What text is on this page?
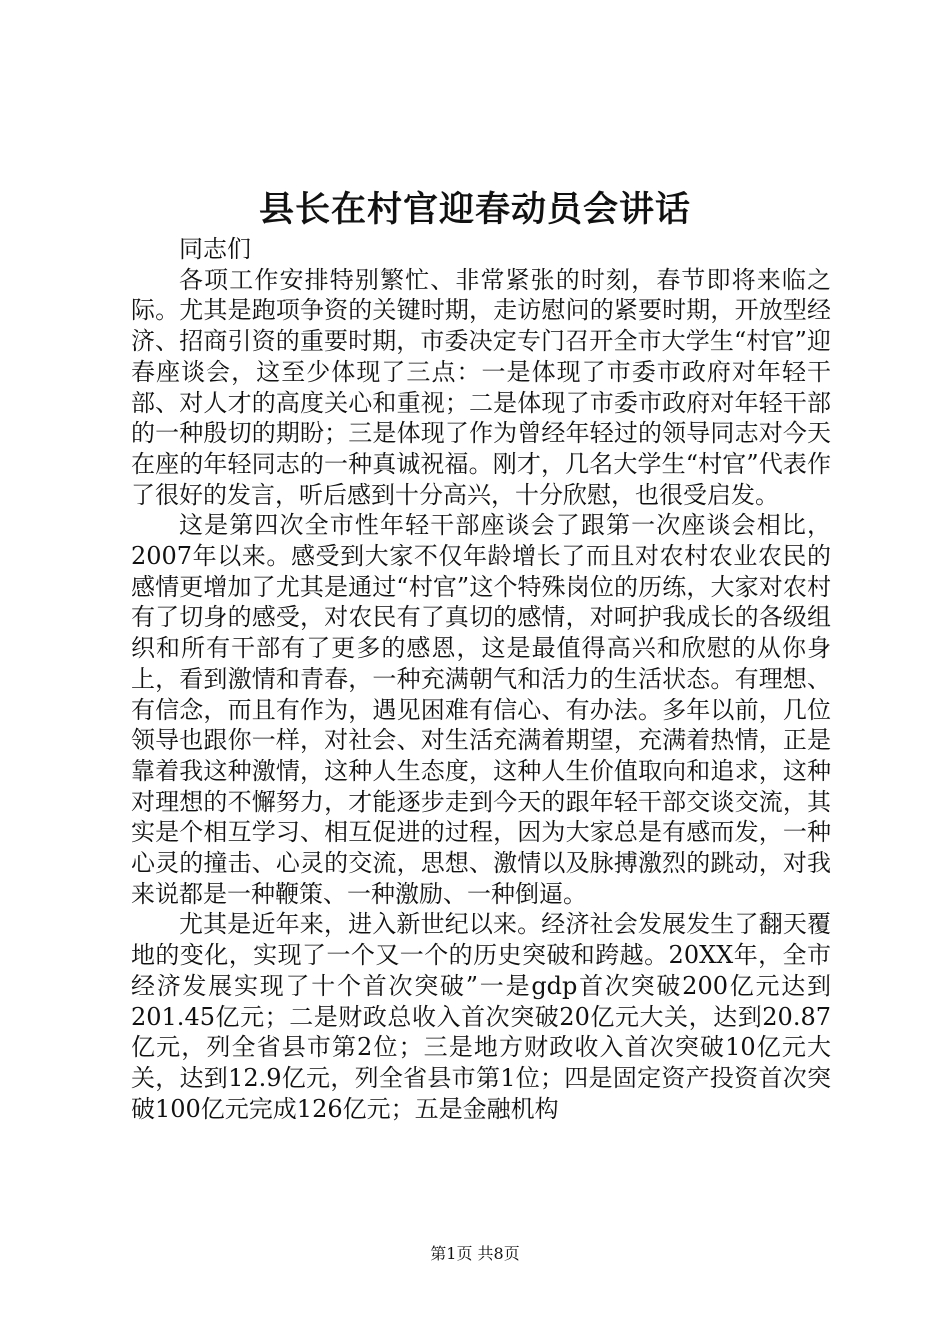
县长在村官迎春动员会讲话

同志们

各项工作安排特别繁忙、非常紧张的时刻，春节即将来临之际。尤其是跑项争资的关键时期，走访慰问的紧要时期，开放型经济、招商引资的重要时期，市委决定专门召开全市大学生“村官”迎春座谈会，这至少体现了三点：一是体现了市委市政府对年轻干部、对人才的高度关心和重视；二是体现了市委市政府对年轻干部的一种殷切的期盼；三是体现了作为曾经年轻过的领导同志对今天在座的年轻同志的一种真诚祝福。刚才，几名大学生“村官”代表作了很好的发言，听后感到十分高兴，十分欣慰，也很受启发。

这是第四次全市性年轻干部座谈会了跟第一次座谈会相比，2007年以来。感受到大家不仅年龄增长了而且对农村农业农民的感情更增加了尤其是通过“村官”这个特殊岗位的历练，大家对农村有了切身的感受，对农民有了真切的感情，对呵护我成长的各级组织和所有干部有了更多的感恩，这是最值得高兴和欣慰的从你身上，看到激情和青春，一种充满朝气和活力的生活状态。有理想、有信念，而且有作为，遇见困难有信心、有办法。多年以前，几位领导也跟你一样，对社会、对生活充满着期望，充满着热情，正是靠着我这种激情，这种人生态度，这种人生价值取向和追求，这种对理想的不懈努力，才能逐步走到今天的跟年轻干部交谈交流，其实是个相互学习、相互促进的过程，因为大家总是有感而发，一种心灵的撞击、心灵的交流，思想、激情以及脉搏激烈的跳动，对我来说都是一种鞭策、一种激励、一种倒逼。

尤其是近年来，进入新世纪以来。经济社会发展发生了翻天覆地的变化，实现了一个又一个的历史突破和跨越。20XX年，全市经济发展实现了十个首次突破”一是gdp首次突破200亿元达到201.45亿元；二是财政总收入首次突破20亿元大关，达到20.87亿元，列全省县市第2位；三是地方财政收入首次突破10亿元大关，达到12.9亿元，列全省县市第1位；四是固定资产投资首次突破100亿元完成126亿元；五是金融机构

第1页 共8页
